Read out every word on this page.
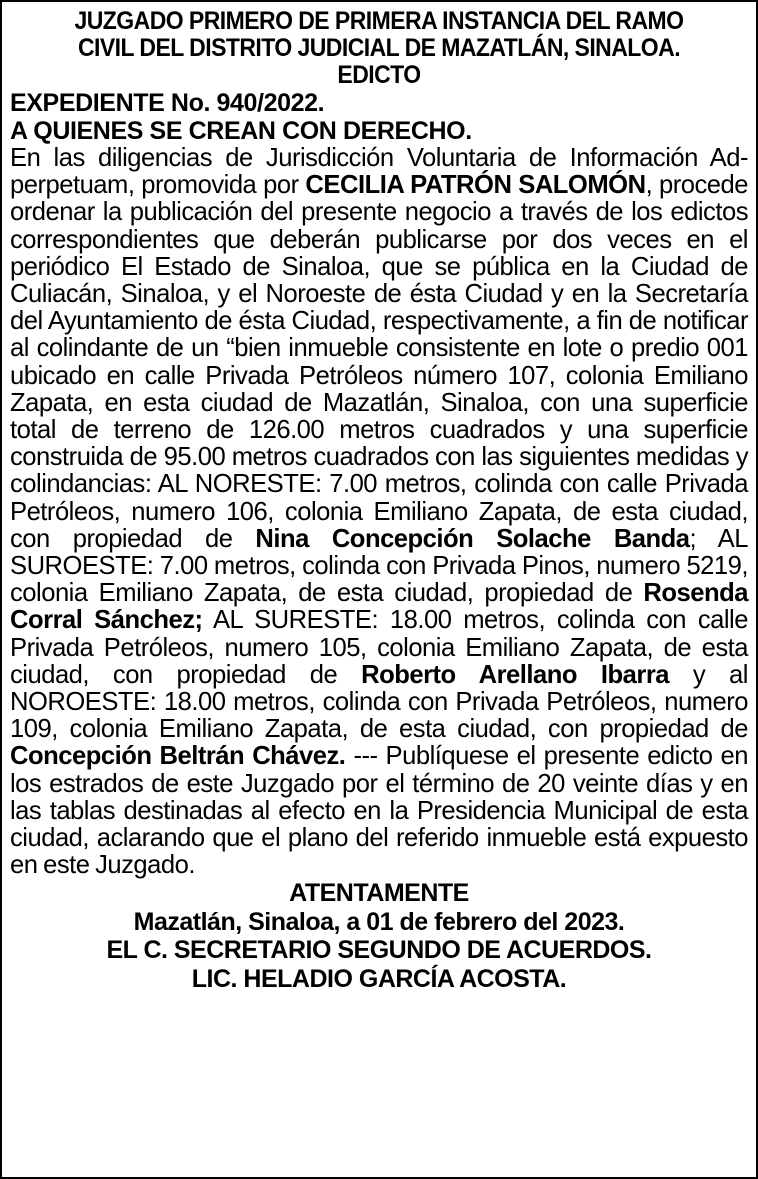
JUZGADO PRIMERO DE PRIMERA INSTANCIA DEL RAMO
CIVIL DEL DISTRITO JUDICIAL DE MAZATLÁN, SINALOA.
EDICTO
EXPEDIENTE No. 940/2022.
A QUIENES SE CREAN CON DERECHO.
En las diligencias de Jurisdicción Voluntaria de Información Ad-perpetuam, promovida por CECILIA PATRÓN SALOMÓN, procede ordenar la publicación del presente negocio a través de los edictos correspondientes que deberán publicarse por dos veces en el periódico El Estado de Sinaloa, que se pública en la Ciudad de Culiacán, Sinaloa, y el Noroeste de ésta Ciudad y en la Secretaría del Ayuntamiento de ésta Ciudad, respectivamente, a fin de notificar al colindante de un “bien inmueble consistente en lote o predio 001 ubicado en calle Privada Petróleos número 107, colonia Emiliano Zapata, en esta ciudad de Mazatlán, Sinaloa, con una superficie total de terreno de 126.00 metros cuadrados y una superficie construida de 95.00 metros cuadrados con las siguientes medidas y colindancias: AL NORESTE: 7.00 metros, colinda con calle Privada Petróleos, numero 106, colonia Emiliano Zapata, de esta ciudad, con propiedad de Nina Concepción Solache Banda; AL SUROESTE: 7.00 metros, colinda con Privada Pinos, numero 5219, colonia Emiliano Zapata, de esta ciudad, propiedad de Rosenda Corral Sánchez; AL SURESTE: 18.00 metros, colinda con calle Privada Petróleos, numero 105, colonia Emiliano Zapata, de esta ciudad, con propiedad de Roberto Arellano Ibarra y al NOROESTE: 18.00 metros, colinda con Privada Petróleos, numero 109, colonia Emiliano Zapata, de esta ciudad, con propiedad de Concepción Beltrán Chávez. --- Publíquese el presente edicto en los estrados de este Juzgado por el término de 20 veinte días y en las tablas destinadas al efecto en la Presidencia Municipal de esta ciudad, aclarando que el plano del referido inmueble está expuesto en este Juzgado.
ATENTAMENTE
Mazatlán, Sinaloa, a 01 de febrero del 2023.
EL C. SECRETARIO SEGUNDO DE ACUERDOS.
LIC. HELADIO GARCÍA ACOSTA.
